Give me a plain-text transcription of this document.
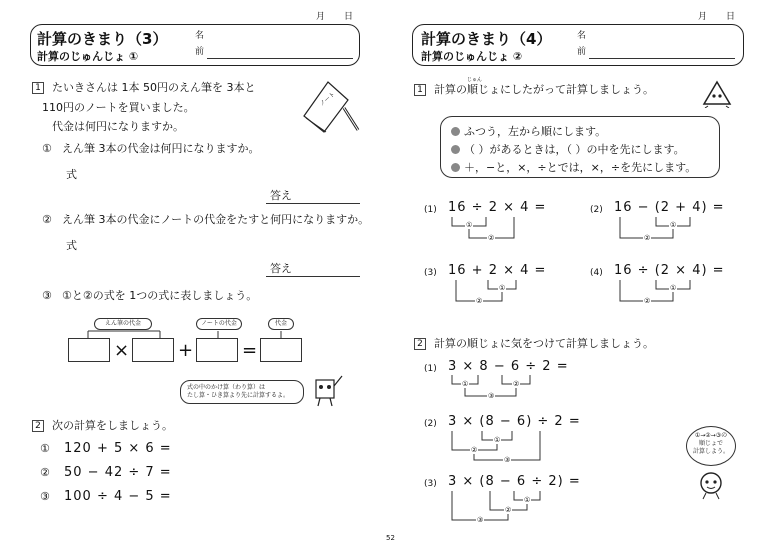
月 日
計算のきまり（3）
計算のじゅんじょ ①
名
前
1 たいきさんは 1本 50円のえん筆を 3本と
110円のノートを買いました。
代金は何円になりますか。
ノート
① えん筆 3本の代金は何円になりますか。
式
答え
② えん筆 3本の代金にノートの代金をたすと何円になりますか。
式
答え
③ ①と②の式を 1つの式に表しましょう。
えん筆の代金	ノートの代金	代金
×	+	=
式の中のかけ算（わり算）は
たし算・ひき算より先に計算するよ。
2 次の計算をしましょう。
① 120 + 5 × 6 =
② 50 − 42 ÷ 7 =
③ 100 ÷ 4 − 5 =
月 日
計算のきまり（4）
計算のじゅんじょ ②
名
前
1
じゅん
計算の順じょにしたがって計算しましょう。
ふつう，左から順にします。
（ ）があるときは，（ ）の中を先にします。
＋，−と，×，÷とでは，×，÷を先にします。
(1) 16 ÷ 2 × 4 =	(2) 16 − (2 + 4) =
(3) 16 + 2 × 4 =	(4) 16 ÷ (2 × 4) =
2 計算の順じょに気をつけて計算しましょう。
(1) 3 × 8 − 6 ÷ 2 =
(2) 3 × (8 − 6) ÷ 2 =
(3) 3 × (8 − 6 ÷ 2) =
①
②
①
②
①
②
①
②
①	②
③
①
②
③
①
②
③
①→②→③の
順じょで
計算しよう。
52
